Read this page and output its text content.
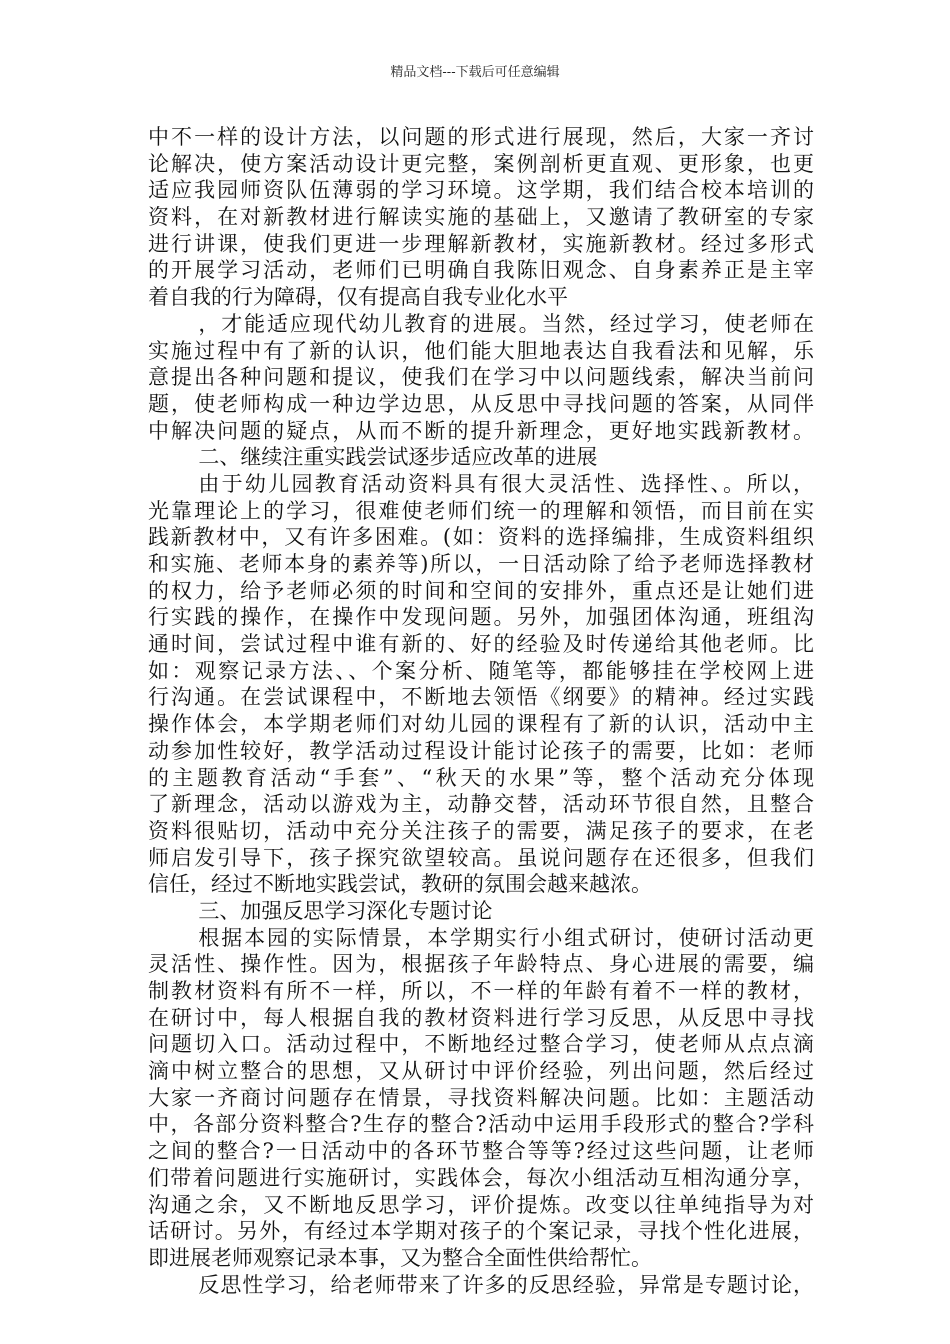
精品文档---下载后可任意编辑
中不一样的设计方法，以问题的形式进行展现，然后，大家一齐讨
论解决，使方案活动设计更完整，案例剖析更直观、更形象，也更
适应我园师资队伍薄弱的学习环境。这学期，我们结合校本培训的
资料，在对新教材进行解读实施的基础上，又邀请了教研室的专家
进行讲课，使我们更进一步理解新教材，实施新教材。经过多形式
的开展学习活动，老师们已明确自我陈旧观念、自身素养正是主宰
着自我的行为障碍，仅有提高自我专业化水平
，才能适应现代幼儿教育的进展。当然，经过学习，使老师在
实施过程中有了新的认识，他们能大胆地表达自我看法和见解，乐
意提出各种问题和提议，使我们在学习中以问题线索，解决当前问
题，使老师构成一种边学边思，从反思中寻找问题的答案，从同伴
中解决问题的疑点，从而不断的提升新理念，更好地实践新教材。
二、继续注重实践尝试逐步适应改革的进展
由于幼儿园教育活动资料具有很大灵活性、选择性、。所以，
光靠理论上的学习，很难使老师们统一的理解和领悟，而目前在实
践新教材中，又有许多困难。(如：资料的选择编排，生成资料组织
和实施、老师本身的素养等)所以，一日活动除了给予老师选择教材
的权力，给予老师必须的时间和空间的安排外，重点还是让她们进
行实践的操作，在操作中发现问题。另外，加强团体沟通，班组沟
通时间，尝试过程中谁有新的、好的经验及时传递给其他老师。比
如：观察记录方法、、个案分析、随笔等，都能够挂在学校网上进
行沟通。在尝试课程中，不断地去领悟《纲要》的精神。经过实践
操作体会，本学期老师们对幼儿园的课程有了新的认识，活动中主
动参加性较好，教学活动过程设计能讨论孩子的需要，比如：老师
的主题教育活动“手套”、“秋天的水果”等，整个活动充分体现
了新理念，活动以游戏为主，动静交替，活动环节很自然，且整合
资料很贴切，活动中充分关注孩子的需要，满足孩子的要求，在老
师启发引导下，孩子探究欲望较高。虽说问题存在还很多，但我们
信任，经过不断地实践尝试，教研的氛围会越来越浓。
三、加强反思学习深化专题讨论
根据本园的实际情景，本学期实行小组式研讨，使研讨活动更
灵活性、操作性。因为，根据孩子年龄特点、身心进展的需要，编
制教材资料有所不一样，所以，不一样的年龄有着不一样的教材，
在研讨中，每人根据自我的教材资料进行学习反思，从反思中寻找
问题切入口。活动过程中，不断地经过整合学习，使老师从点点滴
滴中树立整合的思想，又从研讨中评价经验，列出问题，然后经过
大家一齐商讨问题存在情景，寻找资料解决问题。比如：主题活动
中，各部分资料整合?生存的整合?活动中运用手段形式的整合?学科
之间的整合?一日活动中的各环节整合等等?经过这些问题，让老师
们带着问题进行实施研讨，实践体会，每次小组活动互相沟通分享，
沟通之余，又不断地反思学习，评价提炼。改变以往单纯指导为对
话研讨。另外，有经过本学期对孩子的个案记录，寻找个性化进展，
即进展老师观察记录本事，又为整合全面性供给帮忙。
反思性学习，给老师带来了许多的反思经验，异常是专题讨论，
